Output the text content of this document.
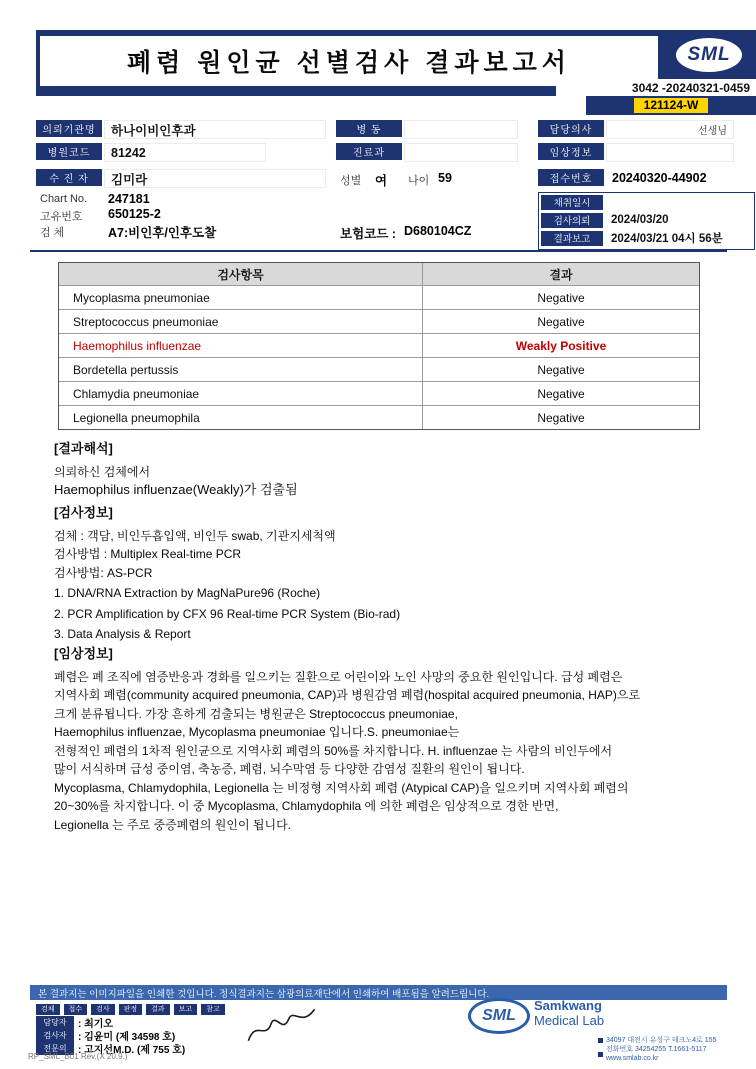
폐렴 원인균 선별검사 결과보고서	SML
3042 -20240321-0459
121124-W
의뢰기관명	하나이비인후과	병 동	담당의사	선생님
병원코드	81242	진료과	임상정보
수 진 자	김미라	성별 여 나이 59	접수번호	20240320-44902
Chart No. 247181
고유번호 650125-2
검 체	A7:비인후/인후도찰	보험코드 : D680104CZ
채취일시
검사의뢰	2024/03/20
결과보고	2024/03/21 04시 56분
검사항목	결과
Mycoplasma pneumoniae	Negative
Streptococcus pneumoniae	Negative
Haemophilus influenzae	Weakly Positive
Bordetella pertussis	Negative
Chlamydia pneumoniae	Negative
Legionella pneumophila	Negative
[결과해석]
의뢰하신 검체에서
Haemophilus influenzae(Weakly)가 검출됨
[검사정보]
검체 : 객담, 비인두흡입액, 비인두 swab, 기관지세척액
검사방법 : Multiplex Real-time PCR
검사방법: AS-PCR
1. DNA/RNA Extraction by MagNaPure96 (Roche)
2. PCR Amplification by CFX 96 Real-time PCR System (Bio-rad)
3. Data Analysis & Report
[임상정보]
폐렴은 폐 조직에 염증반응과 경화를 일으키는 질환으로 어린이와 노인 사망의 중요한 원인입니다. 급성 폐렴은
지역사회 폐렴(community acquired pneumonia, CAP)과 병원감염 폐렴(hospital acquired pneumonia, HAP)으로
크게 분류됩니다. 가장 흔하게 검출되는 병원균은 Streptococcus pneumoniae,
Haemophilus influenzae, Mycoplasma pneumoniae 입니다.S. pneumoniae는
전형적인 폐렴의 1차적 원인균으로 지역사회 폐렴의 50%를 차지합니다. H. influenzae 는 사람의 비인두에서
많이 서식하며 급성 중이염, 축농증, 폐렴, 뇌수막염 등 다양한 감염성 질환의 원인이 됩니다.
Mycoplasma, Chlamydophila, Legionella 는 비정형 지역사회 폐렴 (Atypical CAP)을 일으키며 지역사회 폐렴의
20~30%를 차지합니다. 이 중 Mycoplasma, Chlamydophila 에 의한 폐렴은 임상적으로 경한 반면,
Legionella 는 주로 중증폐렴의 원인이 됩니다.
본 결과지는 이미지파일을 인쇄한 것입니다. 정식결과지는 삼광의료재단에서 인쇄하여 배포됨을 알려드립니다.
검체	접수	검사	판정	결과	보고	참고
담당자	: 최기오
검사자	: 김윤미 (제 34598 호)
전문의	: 고지선M.D. (제 755 호)
SML
Samkwang
Medical Lab
34097 대전시 유성구 테크노4로 155
전화번호 34254255 T.1661-5117 www.smlab.co.kr
RP_SML_B01 Rev.(X 20.9.)
